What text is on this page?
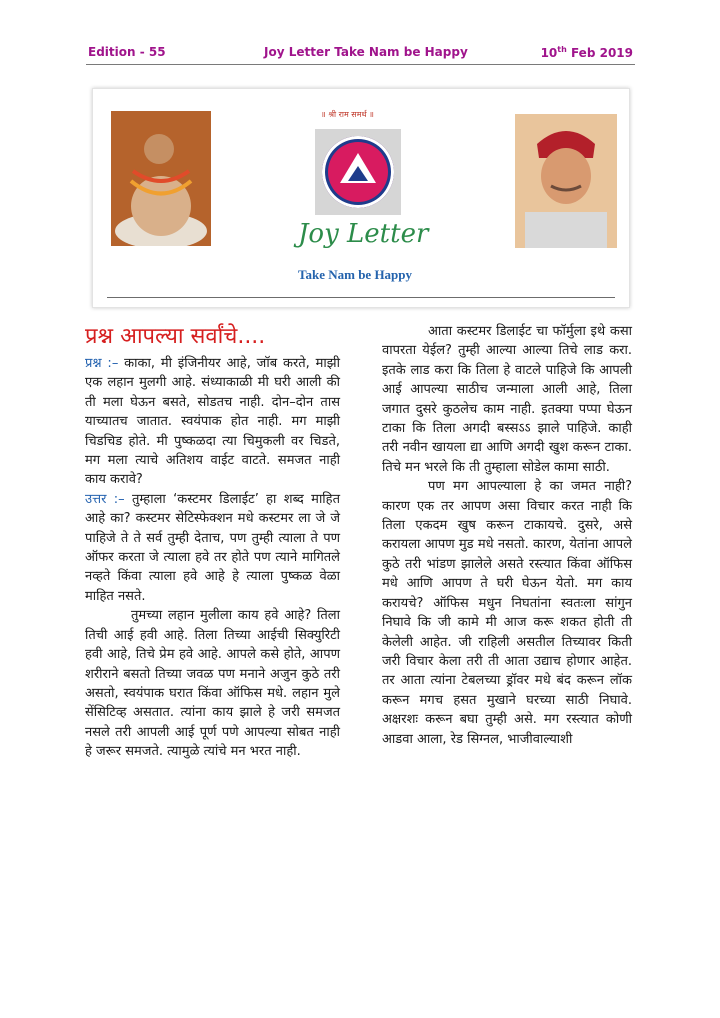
Edition - 55	Joy Letter Take Nam be Happy	10th Feb 2019
॥ श्री राम समर्थ ॥
Joy Letter
Take Nam be Happy
प्रश्न आपल्या सर्वांचे....

प्रश्न :– काका, मी इंजिनीयर आहे, जॉब करते, माझी एक लहान मुलगी आहे. संध्याकाळी मी घरी आली की ती मला घेऊन बसते, सोडतच नाही. दोन–दोन तास याच्यातच जातात. स्वयंपाक होत नाही. मग माझी चिडचिड होते. मी पुष्कळदा त्या चिमुकली वर चिडते, मग मला त्याचे अतिशय वाईट वाटते. समजत नाही काय करावे?

उत्तर :– तुम्हाला ‘कस्टमर डिलाईट’ हा शब्द माहित आहे का? कस्टमर सेटिस्फेक्शन मधे कस्टमर ला जे जे पाहिजे ते ते सर्व तुम्ही देताच, पण तुम्ही त्याला ते पण ऑफर करता जे त्याला हवे तर होते पण त्याने मागितले नव्हते किंवा त्याला हवे आहे हे त्याला पुष्कळ वेळा माहित नसते.

तुमच्या लहान मुलीला काय हवे आहे? तिला तिची आई हवी आहे. तिला तिच्या आईची सिक्युरिटी हवी आहे, तिचे प्रेम हवे आहे. आपले कसे होते, आपण शरीराने बसतो तिच्या जवळ पण मनाने अजुन कुठे तरी असतो, स्वयंपाक घरात किंवा ऑफिस मधे. लहान मुले सेंसिटिव्ह असतात. त्यांना काय झाले हे जरी समजत नसले तरी आपली आई पूर्ण पणे आपल्या सोबत नाही हे जरूर समजते. त्यामुळे त्यांचे मन भरत नाही.

आता कस्टमर डिलाईट चा फॉर्मुला इथे कसा वापरता येईल? तुम्ही आल्या आल्या तिचे लाड करा. इतके लाड करा कि तिला हे वाटले पाहिजे कि आपली आई आपल्या साठीच जन्माला आली आहे, तिला जगात दुसरे कुठलेच काम नाही. इतक्या पप्पा घेऊन टाका कि तिला अगदी बस्सऽऽ झाले पाहिजे. काही तरी नवीन खायला द्या आणि अगदी खुश करून टाका. तिचे मन भरले कि ती तुम्हाला सोडेल कामा साठी.

पण मग आपल्याला हे का जमत नाही? कारण एक तर आपण असा विचार करत नाही कि तिला एकदम खुष करून टाकायचे. दुसरे, असे करायला आपण मुड मधे नसतो. कारण, येतांना आपले कुठे तरी भांडण झालेले असते रस्त्यात किंवा ऑफिस मधे आणि आपण ते घरी घेऊन येतो. मग काय करायचे? ऑफिस मधुन निघतांना स्वतःला सांगुन निघावे कि जी कामे मी आज करू शकत होती ती केलेली आहेत. जी राहिली असतील तिच्यावर किती जरी विचार केला तरी ती आता उद्याच होणार आहेत. तर आता त्यांना टेबलच्या ड्रॉवर मधे बंद करून लॉक करून मगच हसत मुखाने घरच्या साठी निघावे. अक्षरशः करून बघा तुम्ही असे. मग रस्त्यात कोणी आडवा आला, रेड सिग्नल, भाजीवाल्याशी
